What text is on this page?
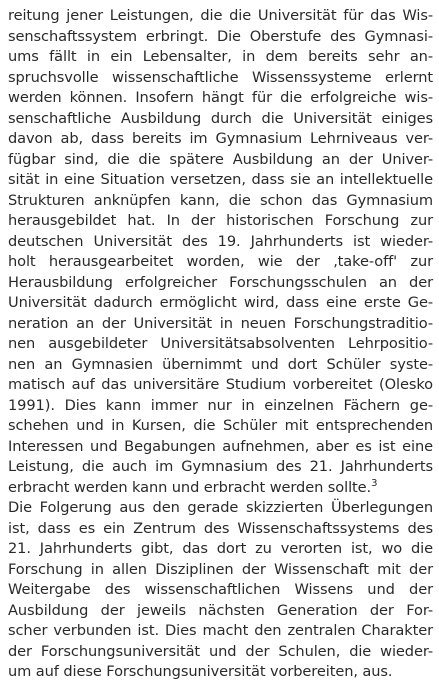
reitung jener Leistungen, die die Universität für das Wis-
senschaftssystem erbringt. Die Oberstufe des Gymnasi-
ums fällt in ein Lebensalter, in dem bereits sehr an-
spruchsvolle wissenschaftliche Wissenssysteme erlernt
werden können. Insofern hängt für die erfolgreiche wis-
senschaftliche Ausbildung durch die Universität einiges
davon ab, dass bereits im Gymnasium Lehrniveaus ver-
fügbar sind, die die spätere Ausbildung an der Univer-
sität in eine Situation versetzen, dass sie an intellektuelle
Strukturen anknüpfen kann, die schon das Gymnasium
herausgebildet hat. In der historischen Forschung zur
deutschen Universität des 19. Jahrhunderts ist wieder-
holt herausgearbeitet worden, wie der ‚take-off' zur
Herausbildung erfolgreicher Forschungsschulen an der
Universität dadurch ermöglicht wird, dass eine erste Ge-
neration an der Universität in neuen Forschungstraditio-
nen ausgebildeter Universitätsabsolventen Lehrpositio-
nen an Gymnasien übernimmt und dort Schüler syste-
matisch auf das universitäre Studium vorbereitet (Olesko
1991). Dies kann immer nur in einzelnen Fächern ge-
schehen und in Kursen, die Schüler mit entsprechenden
Interessen und Begabungen aufnehmen, aber es ist eine
Leistung, die auch im Gymnasium des 21. Jahrhunderts
erbracht werden kann und erbracht werden sollte.$^3$
Die Folgerung aus den gerade skizzierten Überlegungen
ist, dass es ein Zentrum des Wissenschaftssystems des
21. Jahrhunderts gibt, das dort zu verorten ist, wo die
Forschung in allen Disziplinen der Wissenschaft mit der
Weitergabe des wissenschaftlichen Wissens und der
Ausbildung der jeweils nächsten Generation der For-
scher verbunden ist. Dies macht den zentralen Charakter
der Forschungsuniversität und der Schulen, die wieder-
um auf diese Forschungsuniversität vorbereiten, aus.
